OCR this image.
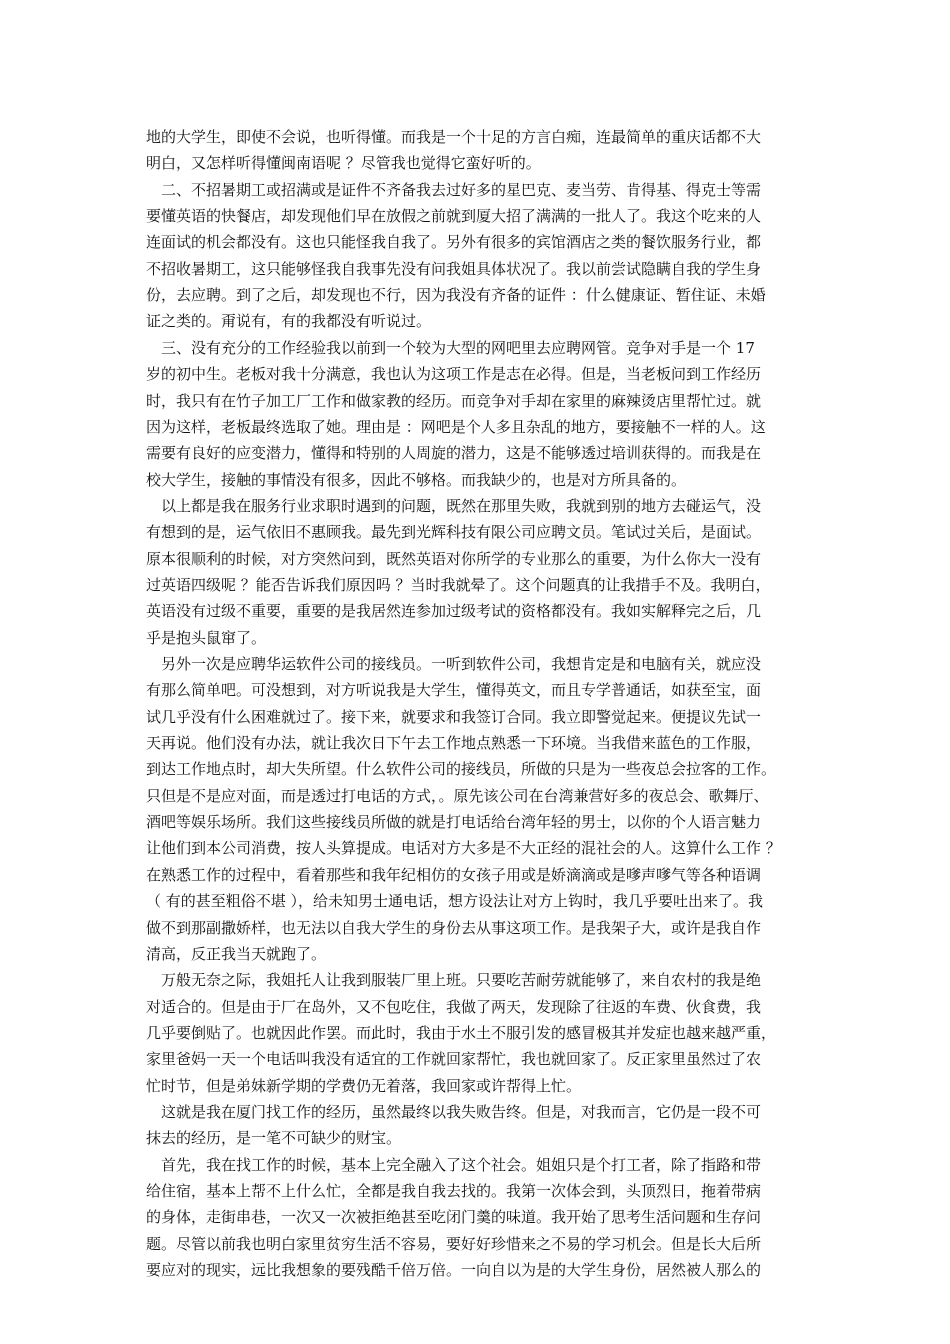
地的大学生，即使不会说，也听得懂。而我是一个十足的方言白痴，连最简单的重庆话都不大
明白，又怎样听得懂闽南语呢 ？尽管我也觉得它蛮好听的。
　二、不招暑期工或招满或是证件不齐备我去过好多的星巴克、麦当劳、肯得基、得克士等需
要懂英语的快餐店，却发现他们早在放假之前就到厦大招了满满的一批人了。我这个吃来的人
连面试的机会都没有。这也只能怪我自我了。另外有很多的宾馆酒店之类的餐饮服务行业，都
不招收暑期工，这只能够怪我自我事先没有问我姐具体状况了。我以前尝试隐瞒自我的学生身
份，去应聘。到了之后，却发现也不行，因为我没有齐备的证件 ：什么健康证、暂住证、未婚
证之类的。甭说有，有的我都没有听说过。
　三、没有充分的工作经验我以前到一个较为大型的网吧里去应聘网管。竞争对手是一个 17
岁的初中生。老板对我十分满意，我也认为这项工作是志在必得。但是，当老板问到工作经历
时，我只有在竹子加工厂工作和做家教的经历。而竞争对手却在家里的麻辣烫店里帮忙过。就
因为这样，老板最终选取了她。理由是 ：网吧是个人多且杂乱的地方，要接触不一样的人。这
需要有良好的应变潜力，懂得和特别的人周旋的潜力，这是不能够透过培训获得的。而我是在
校大学生，接触的事情没有很多，因此不够格。而我缺少的，也是对方所具备的。
　以上都是我在服务行业求职时遇到的问题，既然在那里失败，我就到别的地方去碰运气，没
有想到的是，运气依旧不惠顾我。最先到光辉科技有限公司应聘文员。笔试过关后，是面试。
原本很顺利的时候，对方突然问到，既然英语对你所学的专业那么的重要，为什么你大一没有
过英语四级呢 ？能否告诉我们原因吗 ？当时我就晕了。这个问题真的让我措手不及。我明白，
英语没有过级不重要，重要的是我居然连参加过级考试的资格都没有。我如实解释完之后，几
乎是抱头鼠窜了。
　另外一次是应聘华运软件公司的接线员。一听到软件公司，我想肯定是和电脑有关，就应没
有那么简单吧。可没想到，对方听说我是大学生，懂得英文，而且专学普通话，如获至宝，面
试几乎没有什么困难就过了。接下来，就要求和我签订合同。我立即警觉起来。便提议先试一
天再说。他们没有办法，就让我次日下午去工作地点熟悉一下环境。当我借来蓝色的工作服，
到达工作地点时，却大失所望。什么软件公司的接线员，所做的只是为一些夜总会拉客的工作。
只但是不是应对面，而是透过打电话的方式，。原先该公司在台湾兼营好多的夜总会、歌舞厅、
酒吧等娱乐场所。我们这些接线员所做的就是打电话给台湾年轻的男士，以你的个人语言魅力
让他们到本公司消费，按人头算提成。电话对方大多是不大正经的混社会的人。这算什么工作 ？
在熟悉工作的过程中，看着那些和我年纪相仿的女孩子用或是娇滴滴或是嗲声嗲气等各种语调
（ 有的甚至粗俗不堪 ），给未知男士通电话，想方设法让对方上钩时，我几乎要吐出来了。我
做不到那副撒娇样，也无法以自我大学生的身份去从事这项工作。是我架子大，或许是我自作
清高，反正我当天就跑了。
　万般无奈之际，我姐托人让我到服装厂里上班。只要吃苦耐劳就能够了，来自农村的我是绝
对适合的。但是由于厂在岛外，又不包吃住，我做了两天，发现除了往返的车费、伙食费，我
几乎要倒贴了。也就因此作罢。而此时，我由于水土不服引发的感冒极其并发症也越来越严重，
家里爸妈一天一个电话叫我没有适宜的工作就回家帮忙，我也就回家了。反正家里虽然过了农
忙时节，但是弟妹新学期的学费仍无着落，我回家或许帮得上忙。
　这就是我在厦门找工作的经历，虽然最终以我失败告终。但是，对我而言，它仍是一段不可
抹去的经历，是一笔不可缺少的财宝。
　首先，我在找工作的时候，基本上完全融入了这个社会。姐姐只是个打工者，除了指路和带
给住宿，基本上帮不上什么忙，全都是我自我去找的。我第一次体会到，头顶烈日，拖着带病
的身体，走街串巷，一次又一次被拒绝甚至吃闭门羹的味道。我开始了思考生活问题和生存问
题。尽管以前我也明白家里贫穷生活不容易，要好好珍惜来之不易的学习机会。但是长大后所
要应对的现实，远比我想象的要残酷千倍万倍。一向自以为是的大学生身份，居然被人那么的
